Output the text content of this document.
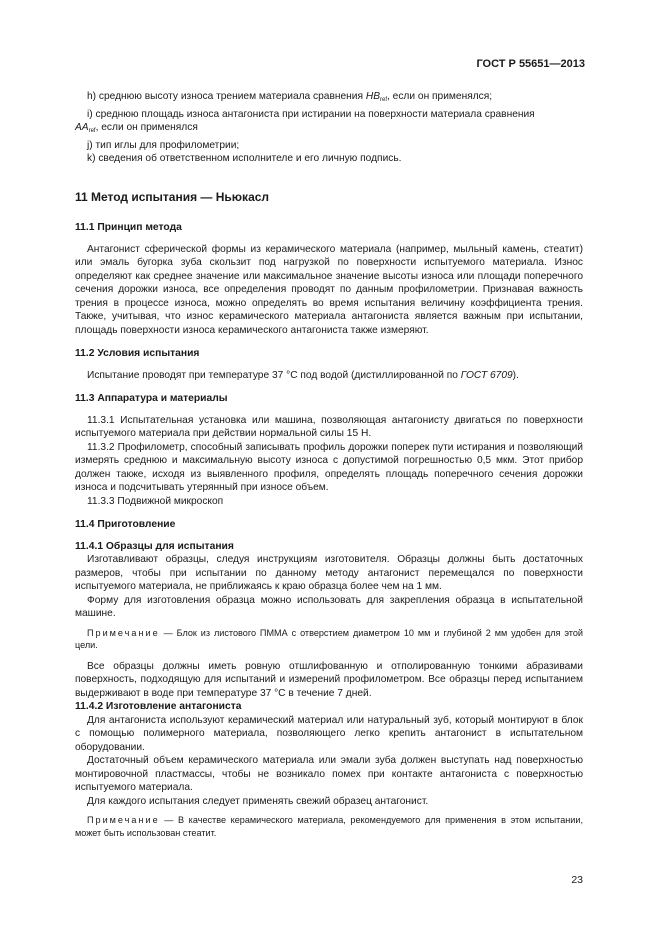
ГОСТ Р 55651—2013

h) среднюю высоту износа трением материала сравнения $HB_{ref}$, если он применялся;

i) среднюю площадь износа антагониста при истирании на поверхности материала сравнения

$AA_{ref}$, если он применялся

j) тип иглы для профилометрии;

k) сведения об ответственном исполнителе и его личную подпись.

11 Метод испытания — Ньюкасл
11.1 Принцип метода

Антагонист сферической формы из керамического материала (например, мыльный камень, стеатит) или эмаль бугорка зуба скользит под нагрузкой по поверхности испытуемого материала. Износ определяют как среднее значение или максимальное значение высоты износа или площади поперечного сечения дорожки износа, все определения проводят по данным профилометрии. Признавая важность трения в процессе износа, можно определять во время испытания величину коэффициента трения. Также, учитывая, что износ керамического материала антагониста является важным при испытании, площадь поверхности износа керамического антагониста также измеряют.

11.2 Условия испытания

Испытание проводят при температуре 37 °С под водой (дистиллированной по ГОСТ 6709).

11.3 Аппаратура и материалы

11.3.1 Испытательная установка или машина, позволяющая антагонисту двигаться по поверхности испытуемого материала при действии нормальной силы 15 Н.

11.3.2 Профилометр, способный записывать профиль дорожки поперек пути истирания и позволяющий измерять среднюю и максимальную высоту износа с допустимой погрешностью 0,5 мкм. Этот прибор должен также, исходя из выявленного профиля, определять площадь поперечного сечения дорожки износа и подсчитывать утерянный при износе объем.

11.3.3 Подвижной микроскоп

11.4 Приготовление
11.4.1 Образцы для испытания

Изготавливают образцы, следуя инструкциям изготовителя. Образцы должны быть достаточных размеров, чтобы при испытании по данному методу антагонист перемещался по поверхности испытуемого материала, не приближаясь к краю образца более чем на 1 мм.

Форму для изготовления образца можно использовать для закрепления образца в испытательной машине.

Примечание — Блок из листового ПММА с отверстием диаметром 10 мм и глубиной 2 мм удобен для этой цели.

Все образцы должны иметь ровную отшлифованную и отполированную тонкими абразивами поверхность, подходящую для испытаний и измерений профилометром. Все образцы перед испытанием выдерживают в воде при температуре 37 °С в течение 7 дней.

11.4.2 Изготовление антагониста

Для антагониста используют керамический материал или натуральный зуб, который монтируют в блок с помощью полимерного материала, позволяющего легко крепить антагонист в испытательном оборудовании.

Достаточный объем керамического материала или эмали зуба должен выступать над поверхностью монтировочной пластмассы, чтобы не возникало помех при контакте антагониста с поверхностью испытуемого материала.

Для каждого испытания следует применять свежий образец антагонист.

Примечание — В качестве керамического материала, рекомендуемого для применения в этом испытании, может быть использован стеатит.

23
